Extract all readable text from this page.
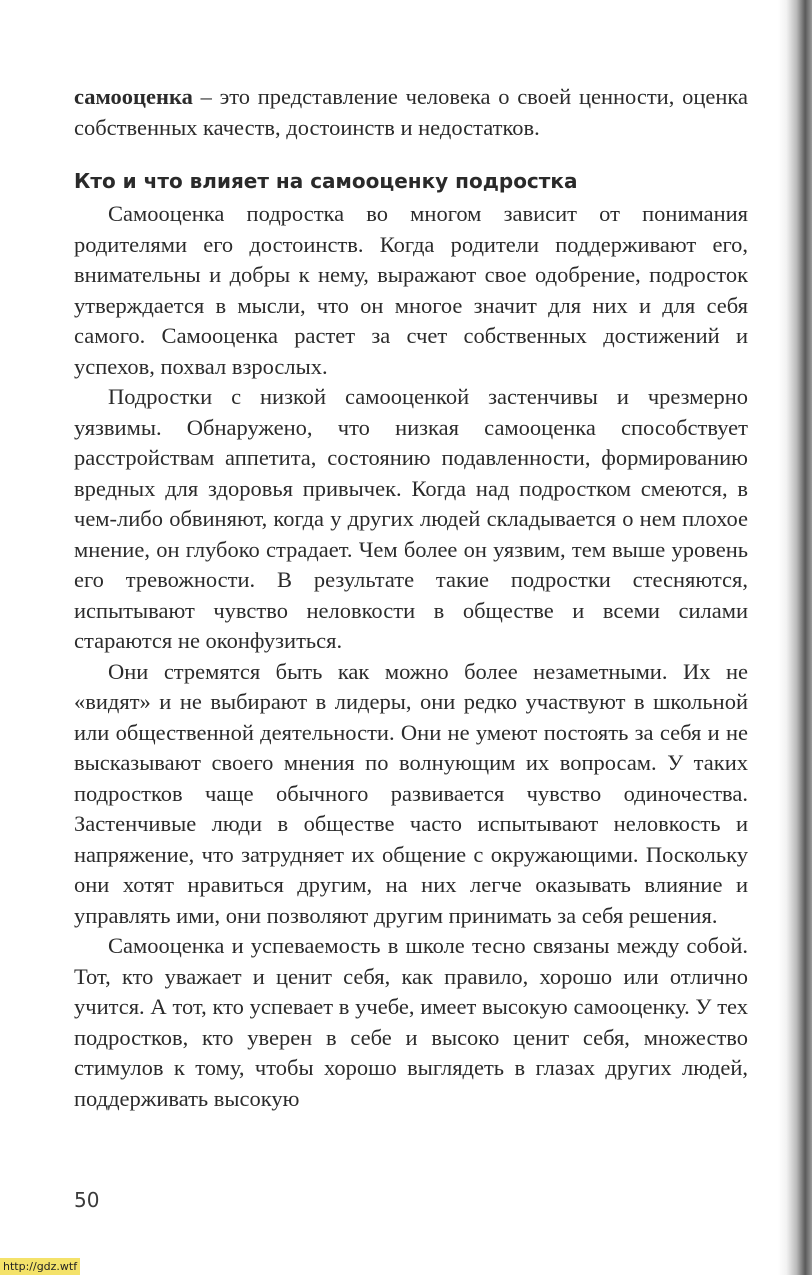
самооценка – это представление человека о своей ценности, оценка собственных качеств, достоинств и недостатков.

Кто и что влияет на самооценку подростка

Самооценка подростка во многом зависит от понимания родителями его достоинств. Когда родители поддерживают его, внимательны и добры к нему, выражают свое одобрение, подросток утверждается в мысли, что он многое значит для них и для себя самого. Самооценка растет за счет собственных достижений и успехов, похвал взрослых.

Подростки с низкой самооценкой застенчивы и чрезмерно уязвимы. Обнаружено, что низкая самооценка способствует расстройствам аппетита, состоянию подавленности, формированию вредных для здоровья привычек. Когда над подростком смеются, в чем-либо обвиняют, когда у других людей складывается о нем плохое мнение, он глубоко страдает. Чем более он уязвим, тем выше уровень его тревожности. В результате такие подростки стесняются, испытывают чувство неловкости в обществе и всеми силами стараются не оконфузиться.

Они стремятся быть как можно более незаметными. Их не «видят» и не выбирают в лидеры, они редко участвуют в школьной или общественной деятельности. Они не умеют постоять за себя и не высказывают своего мнения по волнующим их вопросам. У таких подростков чаще обычного развивается чувство одиночества. Застенчивые люди в обществе часто испытывают неловкость и напряжение, что затрудняет их общение с окружающими. Поскольку они хотят нравиться другим, на них легче оказывать влияние и управлять ими, они позволяют другим принимать за себя решения.

Самооценка и успеваемость в школе тесно связаны между собой. Тот, кто уважает и ценит себя, как правило, хорошо или отлично учится. А тот, кто успевает в учебе, имеет высокую самооценку. У тех подростков, кто уверен в себе и высоко ценит себя, множество стимулов к тому, чтобы хорошо выглядеть в глазах других людей, поддерживать высокую

50
http://gdz.wtf
